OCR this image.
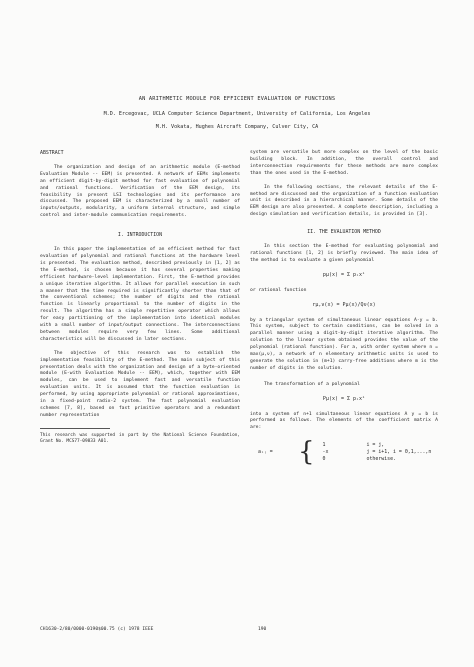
AN ARITHMETIC MODULE FOR EFFICIENT EVALUATION OF FUNCTIONS
M.D. Ercegovac, UCLA Computer Science Department, University of California, Los Angeles
M.H. Vokata, Hughes Aircraft Company, Culver City, CA
ABSTRACT

The organization and design of an arithmetic module (E-method Evaluation Module -- EEM) is presented. A network of EEMs implements an efficient digit-by-digit method for fast evaluation of polynomial and rational functions. Verification of the EEM design, its feasibility in present LSI technologies and its performance are discussed. The proposed EEM is characterized by a small number of inputs/outputs, modularity, a uniform internal structure, and simple control and inter-module communication requirements.

I. INTRODUCTION

In this paper the implementation of an efficient method for fast evaluation of polynomial and rational functions at the hardware level is presented. The evaluation method, described previously in [1, 2] as the E-method, is chosen because it has several properties making efficient hardware-level implementation. First, the E-method provides a unique iterative algorithm. It allows for parallel execution in such a manner that the time required is significantly shorter than that of the conventional schemes; the number of digits and the rational function is linearly proportional to the number of digits in the result. The algorithm has a simple repetitive operator which allows for easy partitioning of the implementation into identical modules with a small number of input/output connections. The interconnections between modules require very few lines. Some additional characteristics will be discussed in later sections.

The objective of this research was to establish the implementation feasibility of the E-method. The main subject of this presentation deals with the organization and design of a byte-oriented module (E-with Evaluation Module -- EEM), which, together with EEM modules, can be used to implement fast and versatile function evaluation units. It is assumed that the function evaluation is performed, by using appropriate polynomial or rational approximations, in a fixed-point radix-2 system. The fast polynomial evaluation schemes [7, 8], based on fast primitive operators and a redundant number representation

This research was supported in part by the National Science Foundation, Grant No. MCS77-09833 A01.

system are versatile but more complex on the level of the basic building block. In addition, the overall control and interconnection requirements for these methods are more complex than the ones used in the E-method.

In the following sections, the relevant details of the E-method are discussed and the organization of a function evaluation unit is described in a hierarchical manner. Some details of the EEM design are also presented. A complete description, including a design simulation and verification details, is provided in [3].

II. THE EVALUATION METHOD

In this section the E-method for evaluating polynomial and rational functions [1, 2] is briefly reviewed. The main idea of the method is to evaluate a given polynomial

pμ(x) = Σ pᵢxⁱ

or rational function

rμ,ν(x) = Pμ(x)/Qν(x)

by a triangular system of simultaneous linear equations A·y = b. This system, subject to certain conditions, can be solved in a parallel manner using a digit-by-digit iterative algorithm. The solution to the linear system obtained provides the value of the polynomial (rational function). For a, with order system where n = max(μ,ν), a network of n elementary arithmetic units is used to generate the solution in (m+1) carry-free additions where m is the number of digits in the solution.

The transformation of a polynomial

Pμ(x) = Σ pᵢxⁱ

into a system of n+1 simultaneous linear equations A y = b is performed as follows. The elements of the coefficient matrix A are:

aᵢⱼ = { 1	i = j,
-x	j = i+1, i = 0,1,...,n
0	otherwise.
CH1630-2/80/0000-0190$00.75 (c) 1978 IEEE	190
